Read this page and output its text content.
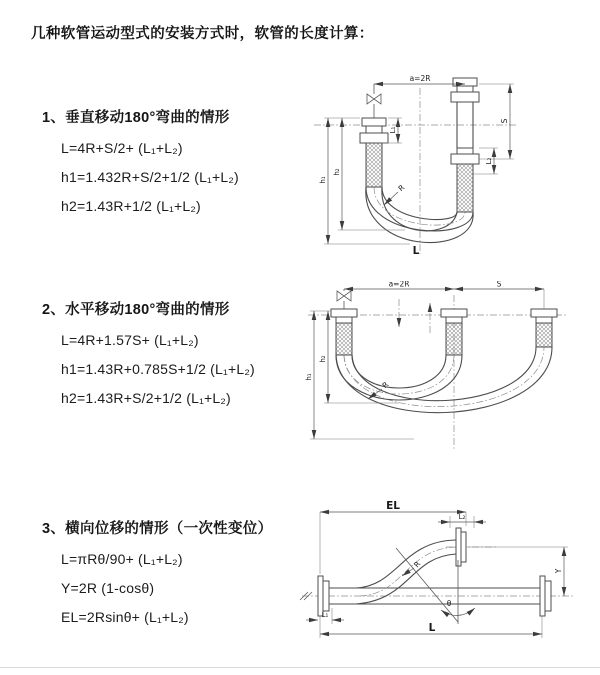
几种软管运动型式的安装方式时，软管的长度计算：
1、垂直移动180°弯曲的情形
L=4R+S/2+ (L₁+L₂)
h1=1.432R+S/2+1/2 (L₁+L₂)
h2=1.43R+1/2 (L₁+L₂)
2、水平移动180°弯曲的情形
L=4R+1.57S+ (L₁+L₂)
h1=1.43R+0.785S+1/2 (L₁+L₂)
h2=1.43R+S/2+1/2 (L₁+L₂)
3、横向位移的情形（一次性变位）
L=πRθ/90+ (L₁+L₂)
Y=2R (1-cosθ)
EL=2Rsinθ+ (L₁+L₂)
a=2R
S
L₂
L₁
h₂
h₁
R
L
a=2R	S
h₂
h₁
R
θ
R
EL
L₂
Y
L
L₁
